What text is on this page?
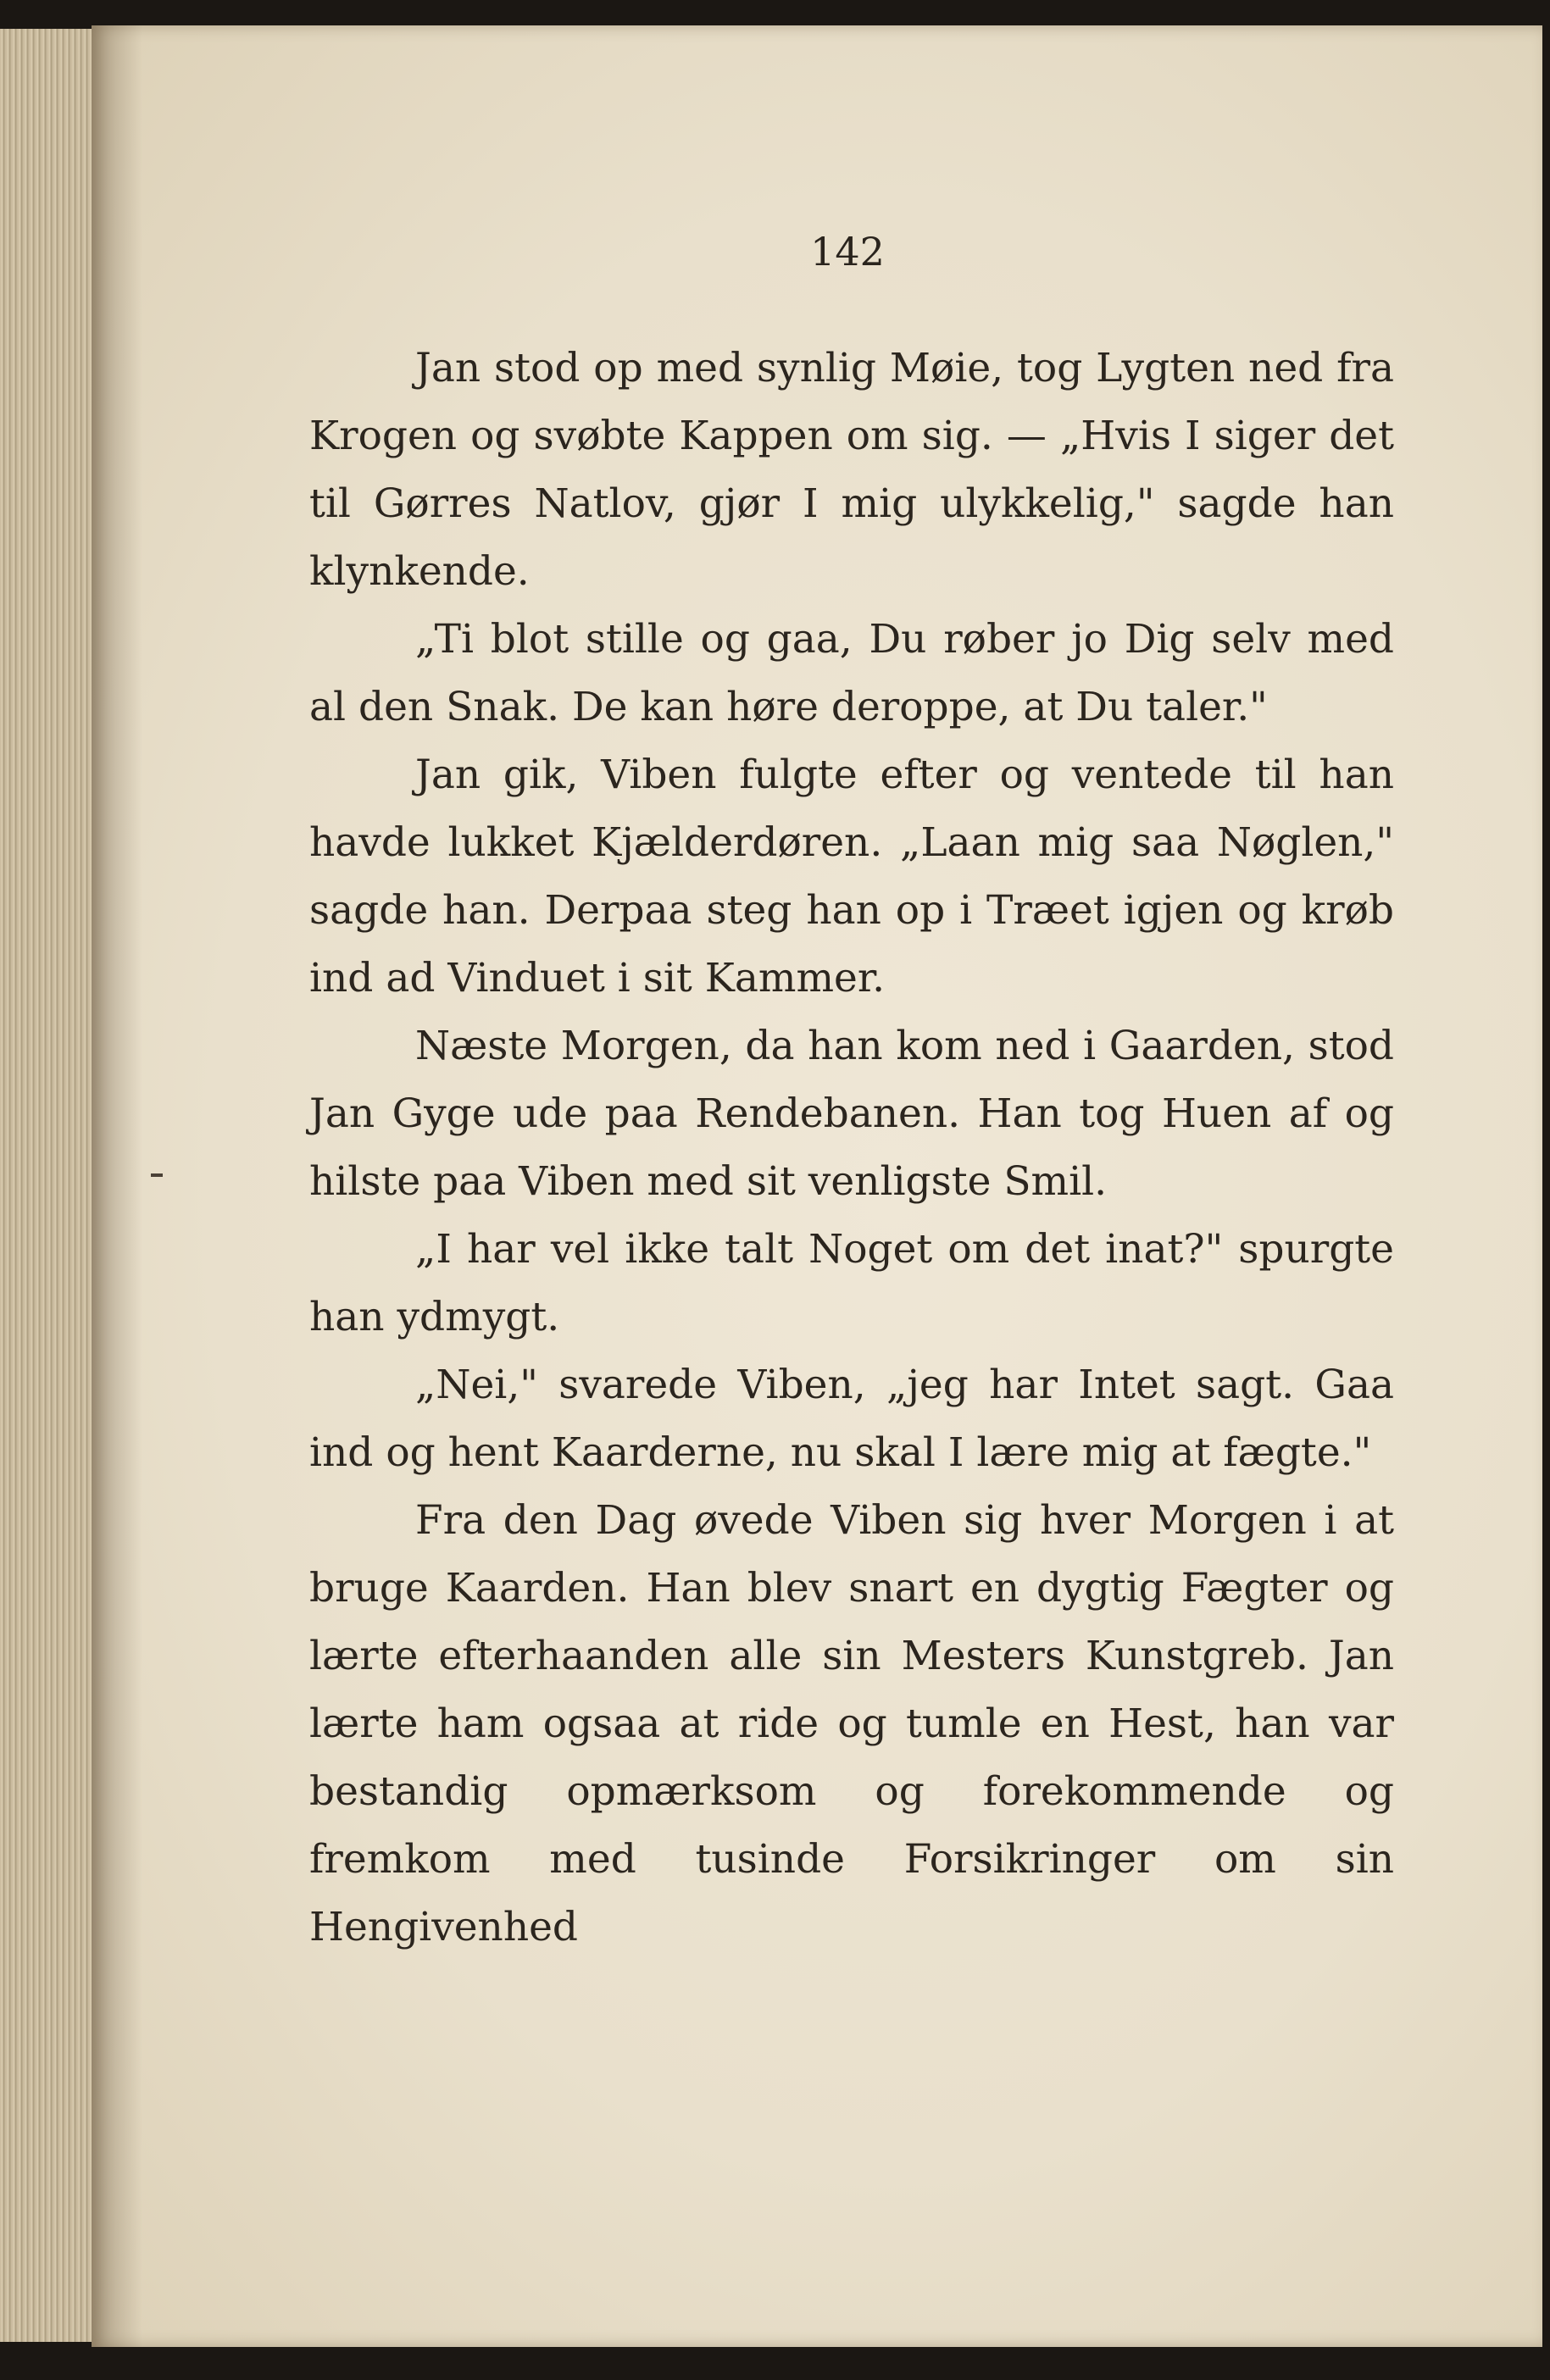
142

Jan stod op med synlig Møie, tog Lygten ned fra Krogen og svøbte Kappen om sig. — „Hvis I siger det til Gørres Natlov, gjør I mig ulykkelig," sagde han klynkende.

„Ti blot stille og gaa, Du røber jo Dig selv med al den Snak. De kan høre deroppe, at Du taler."

Jan gik, Viben fulgte efter og ventede til han havde lukket Kjælderdøren. „Laan mig saa Nøglen," sagde han. Derpaa steg han op i Træet igjen og krøb ind ad Vinduet i sit Kammer.

Næste Morgen, da han kom ned i Gaarden, stod Jan Gyge ude paa Rendebanen. Han tog Huen af og hilste paa Viben med sit venligste Smil.

„I har vel ikke talt Noget om det inat?" spurgte han ydmygt.

„Nei," svarede Viben, „jeg har Intet sagt. Gaa ind og hent Kaarderne, nu skal I lære mig at fægte."

Fra den Dag øvede Viben sig hver Morgen i at bruge Kaarden. Han blev snart en dygtig Fægter og lærte efterhaanden alle sin Mesters Kunstgreb. Jan lærte ham ogsaa at ride og tumle en Hest, han var bestandig opmærksom og forekommende og fremkom med tusinde Forsikringer om sin Hengivenhed
